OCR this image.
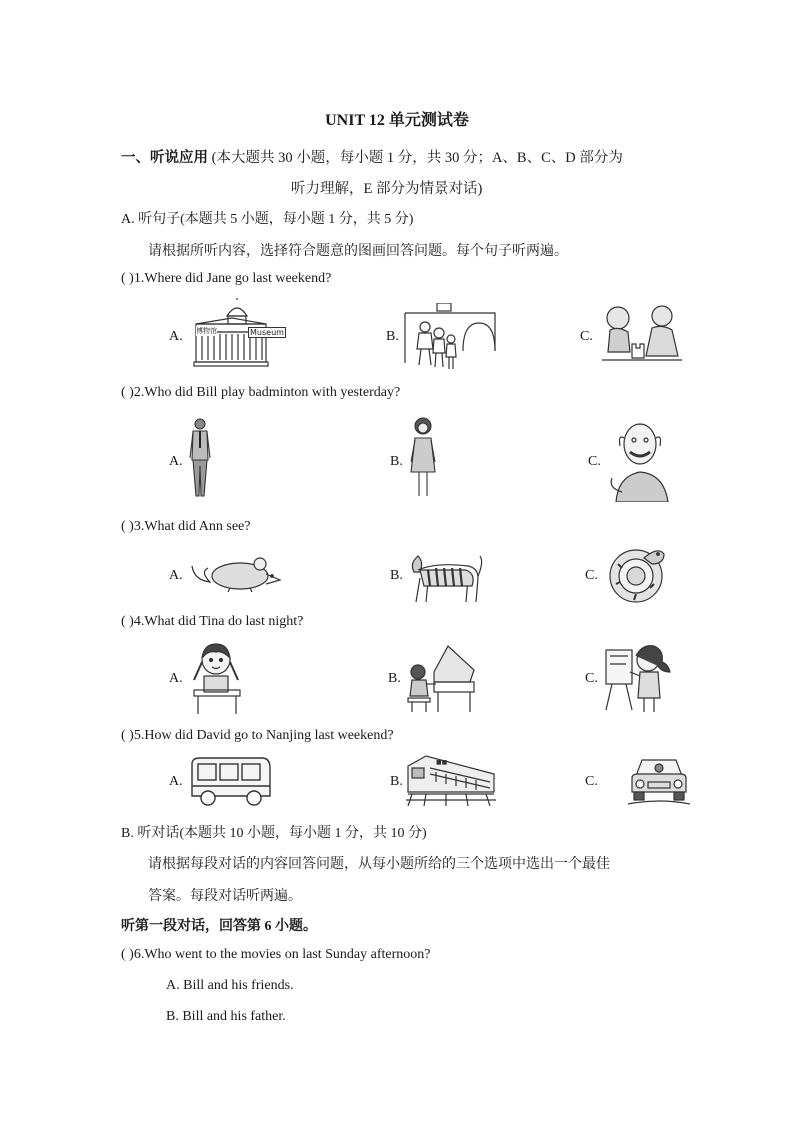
UNIT 12 单元测试卷
一、听说应用 (本大题共 30 小题，每小题 1 分，共 30 分；A、B、C、D 部分为
听力理解，E 部分为情景对话)
A. 听句子(本题共 5 小题，每小题 1 分，共 5 分)
请根据所听内容，选择符合题意的图画回答问题。每个句子听两遍。
( )1.Where did Jane go last weekend?
( )2.Who did Bill play badminton with yesterday?
( )3.What did Ann see?
( )4.What did Tina do last night?
( )5.How did David go to Nanjing last weekend?
A.	B.	C.
A.	B.	C.
A.	B.	C.
A.	B.	C.
A.	B.	C.
博物馆	Museum
■■
B. 听对话(本题共 10 小题，每小题 1 分，共 10 分)
请根据每段对话的内容回答问题，从每小题所给的三个选项中选出一个最佳
答案。每段对话听两遍。
听第一段对话，回答第 6 小题。
( )6.Who went to the movies on last Sunday afternoon?
A. Bill and his friends.
B. Bill and his father.
